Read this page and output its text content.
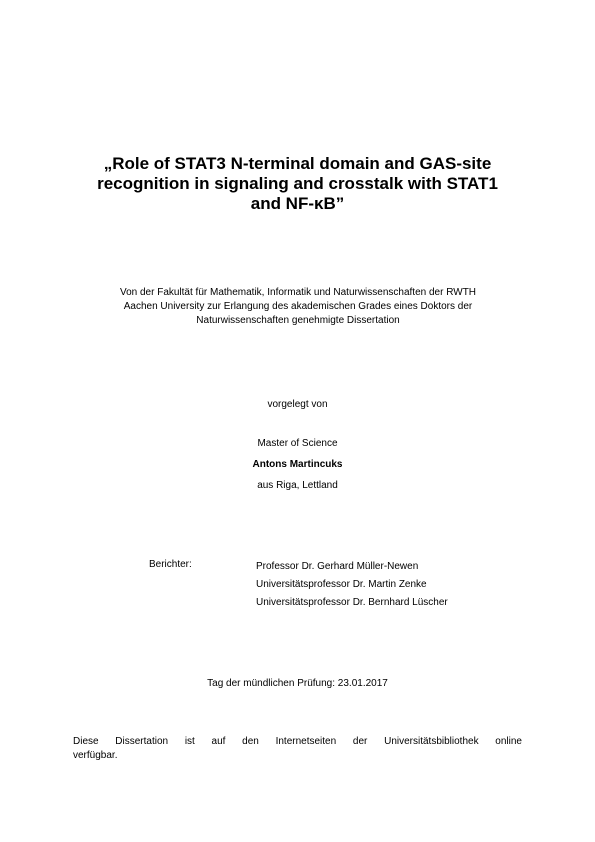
„Role of STAT3 N-terminal domain and GAS-site
recognition in signaling and crosstalk with STAT1
and NF-κB”
Von der Fakultät für Mathematik, Informatik und Naturwissenschaften der RWTH
Aachen University zur Erlangung des akademischen Grades eines Doktors der
Naturwissenschaften genehmigte Dissertation
vorgelegt von
Master of Science
Antons Martincuks
aus Riga, Lettland
Berichter:	Professor Dr. Gerhard Müller-Newen
Universitätsprofessor Dr. Martin Zenke
Universitätsprofessor Dr. Bernhard Lüscher
Tag der mündlichen Prüfung: 23.01.2017
Diese Dissertation ist auf den Internetseiten der Universitätsbibliothek online
verfügbar.
